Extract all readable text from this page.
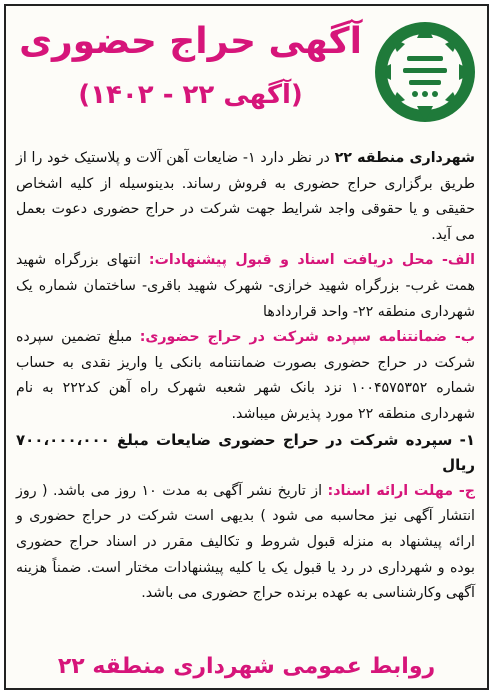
آگهی حراج حضوری
(آگهی ۲۲ - ۱۴۰۲)

شهرداری منطقه ۲۲ در نظر دارد ۱- ضایعات آهن آلات و پلاستیک خود را از طریق برگزاری حراج حضوری به فروش رساند. بدینوسیله از کلیه اشخاص حقیقی و یا حقوقی واجد شرایط جهت شرکت در حراج حضوری دعوت بعمل می آید.

الف- محل دریافت اسناد و قبول پیشنهادات: انتهای بزرگراه شهید همت غرب- بزرگراه شهید خرازی- شهرک شهید باقری- ساختمان شماره یک شهرداری منطقه ۲۲- واحد قراردادها

ب- ضمانتنامه سپرده شرکت در حراج حضوری: مبلغ تضمین سپرده شرکت در حراج حضوری بصورت ضمانتنامه بانکی یا واریز نقدی به حساب شماره ۱۰۰۴۵۷۵۳۵۲ نزد بانک شهر شعبه شهرک راه آهن کد۲۲۲ به نام شهرداری منطقه ۲۲ مورد پذیرش میباشد.

۱- سپرده شرکت در حراج حضوری ضایعات مبلغ ۷۰۰،۰۰۰،۰۰۰ ریال

ج- مهلت ارائه اسناد: از تاریخ نشر آگهی به مدت ۱۰ روز می باشد. ( روز انتشار آگهی نیز محاسبه می شود ) بدیهی است شرکت در حراج حضوری و ارائه پیشنهاد به منزله قبول شروط و تکالیف مقرر در اسناد حراج حضوری بوده و شهرداری در رد یا قبول یک یا کلیه پیشنهادات مختار است. ضمناً هزینه آگهی وکارشناسی به عهده برنده حراج حضوری می باشد.

روابط عمومی شهرداری منطقه ۲۲
